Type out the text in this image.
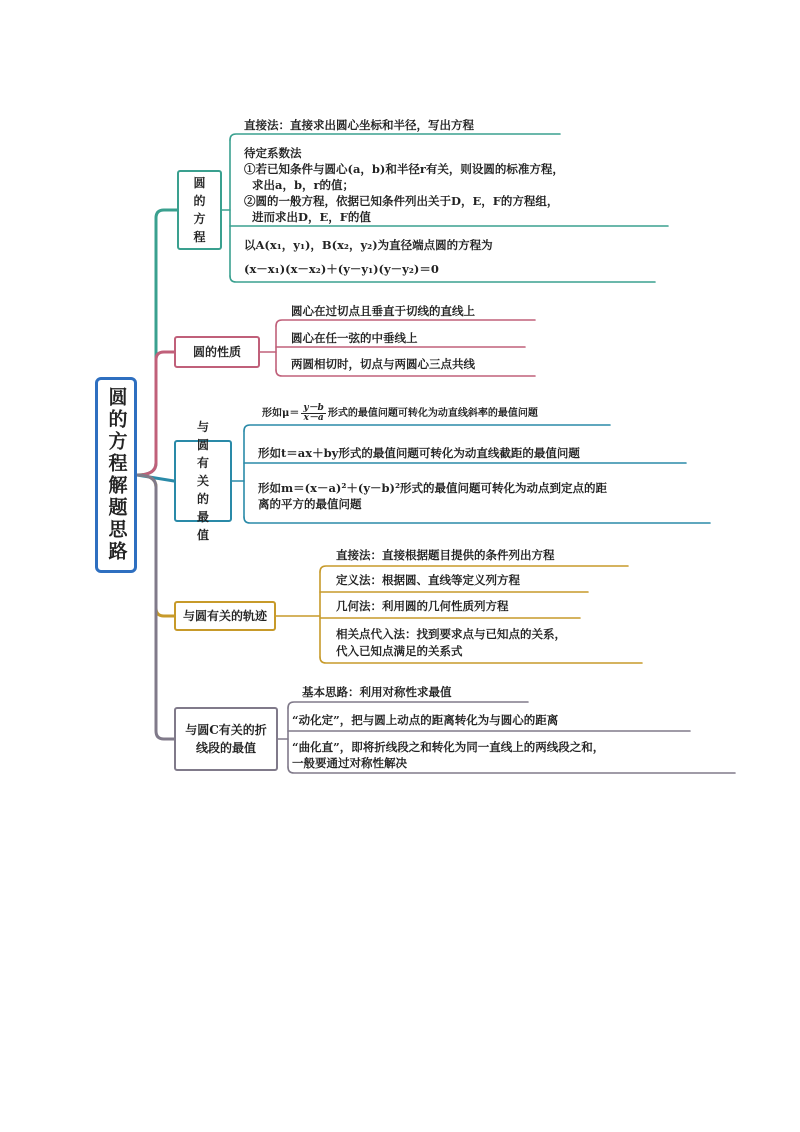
圆的方程解题思路
圆的方程
直接法：直接求出圆心坐标和半径，写出方程
待定系数法
①若已知条件与圆心(a，b)和半径r有关，则设圆的标准方程，
求出a，b，r的值；
②圆的一般方程，依据已知条件列出关于D，E，F的方程组，
进而求出D，E，F的值
以A(x₁，y₁)，B(x₂，y₂)为直径端点圆的方程为
(x－x₁)(x－x₂)＋(y－y₁)(y－y₂)＝0
圆的性质
圆心在过切点且垂直于切线的直线上
圆心在任一弦的中垂线上
两圆相切时，切点与两圆心三点共线
与圆有关的最值
形如$\mu= \frac{y-b}{x-a}$ 形式的最值问题可转化为动直线斜率的最值问题
形如t＝ax＋by形式的最值问题可转化为动直线截距的最值问题
形如m＝(x－a)²＋(y－b)²形式的最值问题可转化为动点到定点的距
离的平方的最值问题
与圆有关的轨迹
直接法：直接根据题目提供的条件列出方程
定义法：根据圆、直线等定义列方程
几何法：利用圆的几何性质列方程
相关点代入法：找到要求点与已知点的关系，
代入已知点满足的关系式
与圆C有关的折线段的最值
基本思路：利用对称性求最值
“动化定”，把与圆上动点的距离转化为与圆心的距离
“曲化直”，即将折线段之和转化为同一直线上的两线段之和，
一般要通过对称性解决
